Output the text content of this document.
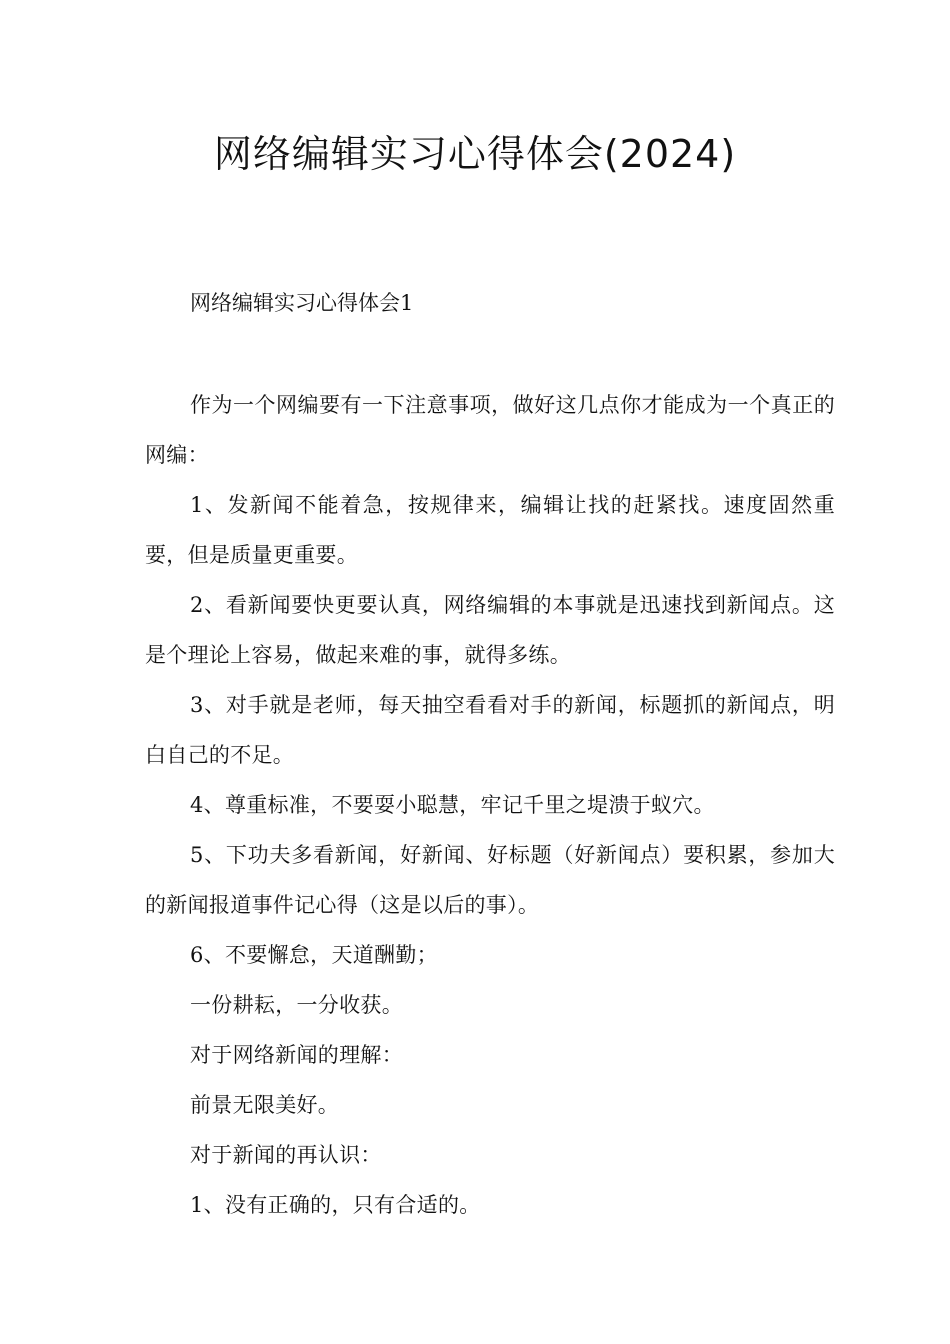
网络编辑实习心得体会(2024)
网络编辑实习心得体会1

作为一个网编要有一下注意事项，做好这几点你才能成为一个真正的网编：

1、发新闻不能着急，按规律来，编辑让找的赶紧找。速度固然重要，但是质量更重要。

2、看新闻要快更要认真，网络编辑的本事就是迅速找到新闻点。这是个理论上容易，做起来难的事，就得多练。

3、对手就是老师，每天抽空看看对手的新闻，标题抓的新闻点，明白自己的不足。

4、尊重标准，不要耍小聪慧，牢记千里之堤溃于蚁穴。

5、下功夫多看新闻，好新闻、好标题（好新闻点）要积累，参加大的新闻报道事件记心得（这是以后的事）。

6、不要懈怠，天道酬勤；

一份耕耘，一分收获。

对于网络新闻的理解：

前景无限美好。

对于新闻的再认识：

1、没有正确的，只有合适的。
